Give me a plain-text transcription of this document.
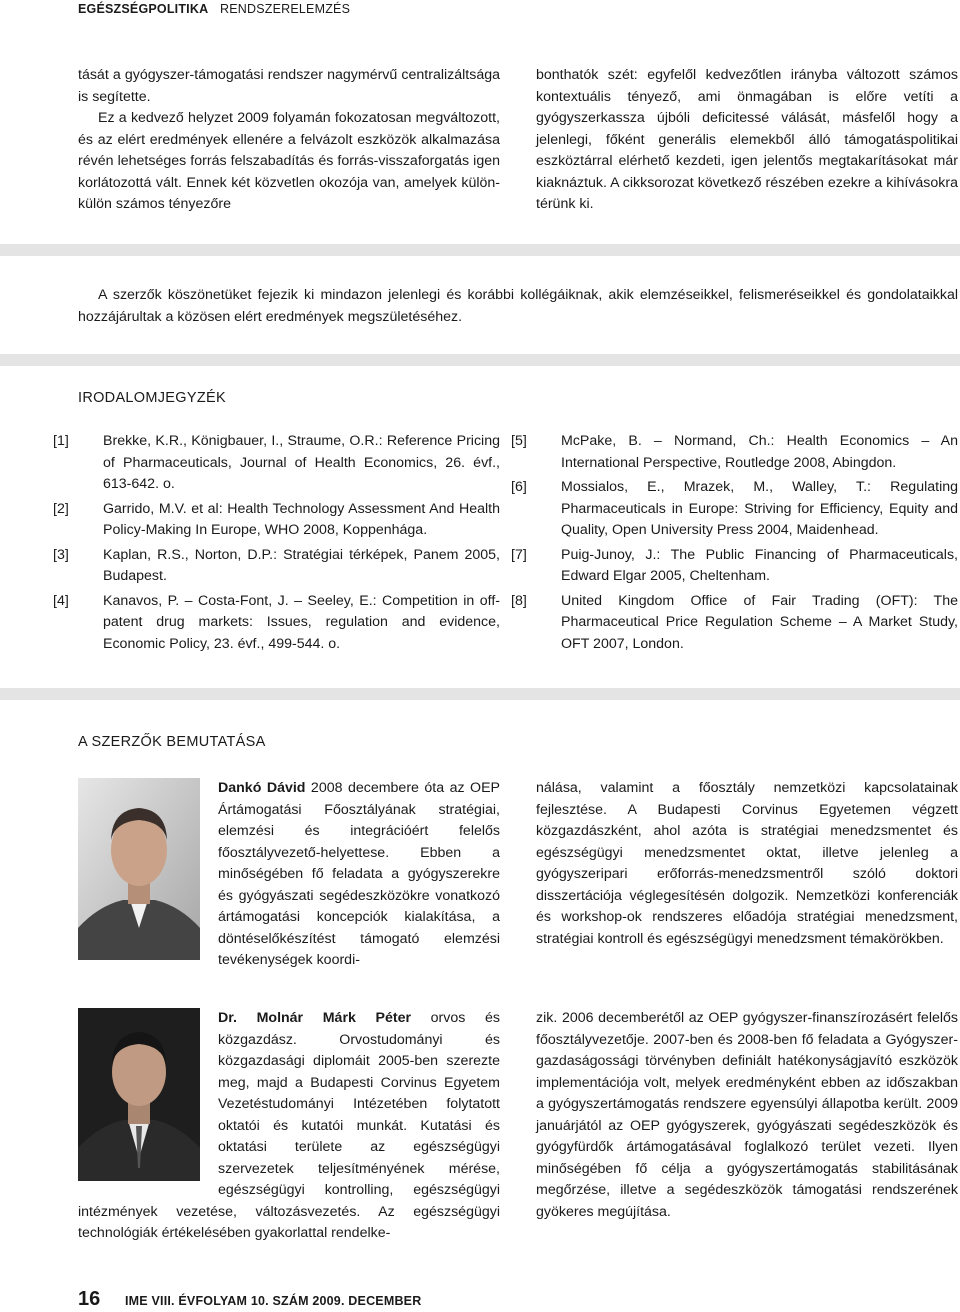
EGÉSZSÉGPOLITIKA RENDSZERELEMZÉS

tását a gyógyszer-támogatási rendszer nagymérvű centralizáltsága is segítette.

Ez a kedvező helyzet 2009 folyamán fokozatosan megváltozott, és az elért eredmények ellenére a felvázolt eszközök alkalmazása révén lehetséges forrás felszabadítás és forrás-visszaforgatás igen korlátozottá vált. Ennek két közvetlen okozója van, amelyek külön-külön számos tényezőre

bonthatók szét: egyfelől kedvezőtlen irányba változott számos kontextuális tényező, ami önmagában is előre vetíti a gyógyszerkassza újbóli deficitessé válását, másfelől hogy a jelenlegi, főként generális elemekből álló támogatáspolitikai eszköztárral elérhető kezdeti, igen jelentős megtakarításokat már kiaknáztuk. A cikksorozat következő részében ezekre a kihívásokra térünk ki.

A szerzők köszönetüket fejezik ki mindazon jelenlegi és korábbi kollégáiknak, akik elemzéseikkel, felismeréseikkel és gondolataikkal hozzájárultak a közösen elért eredmények megszületéséhez.

IRODALOMJEGYZÉK
[1] Brekke, K.R., Königbauer, I., Straume, O.R.: Reference Pricing of Pharmaceuticals, Journal of Health Economics, 26. évf., 613-642. o.
[2] Garrido, M.V. et al: Health Technology Assessment And Health Policy-Making In Europe, WHO 2008, Koppenhága.
[3] Kaplan, R.S., Norton, D.P.: Stratégiai térképek, Panem 2005, Budapest.
[4] Kanavos, P. – Costa-Font, J. – Seeley, E.: Competition in off-patent drug markets: Issues, regulation and evidence, Economic Policy, 23. évf., 499-544. o.
[5] McPake, B. – Normand, Ch.: Health Economics – An International Perspective, Routledge 2008, Abingdon.
[6] Mossialos, E., Mrazek, M., Walley, T.: Regulating Pharmaceuticals in Europe: Striving for Efficiency, Equity and Quality, Open University Press 2004, Maidenhead.
[7] Puig-Junoy, J.: The Public Financing of Pharmaceuticals, Edward Elgar 2005, Cheltenham.
[8] United Kingdom Office of Fair Trading (OFT): The Pharmaceutical Price Regulation Scheme – A Market Study, OFT 2007, London.
A SZERZŐK BEMUTATÁSA

Dankó Dávid 2008 decembere óta az OEP Ártámogatási Főosztályának stratégiai, elemzési és integrációért felelős főosztályvezető-helyettese. Ebben a minőségében fő feladata a gyógyszerekre és gyógyászati segédeszközökre vonatkozó ártámogatási koncepciók kialakítása, a döntéselőkészítést támogató elemzési tevékenységek koordi-

nálása, valamint a főosztály nemzetközi kapcsolatainak fejlesztése. A Budapesti Corvinus Egyetemen végzett közgazdászként, ahol azóta is stratégiai menedzsmentet és egészségügyi menedzsmentet oktat, illetve jelenleg a gyógyszeripari erőforrás-menedzsmentről szóló doktori disszertációja véglegesítésén dolgozik. Nemzetközi konferenciák és workshop-ok rendszeres előadója stratégiai menedzsment, stratégiai kontroll és egészségügyi menedzsment témakörökben.

Dr. Molnár Márk Péter orvos és közgazdász. Orvostudományi és közgazdasági diplomáit 2005-ben szerezte meg, majd a Budapesti Corvinus Egyetem Vezetéstudományi Intézetében folytatott oktatói és kutatói munkát. Kutatási és oktatási területe az egészségügyi szervezetek teljesítményének mérése, egészségügyi kontrolling, egészségügyi intézmények vezetése, változásvezetés. Az egészségügyi technológiák értékelésében gyakorlattal rendelke-

zik. 2006 decemberétől az OEP gyógyszer-finanszírozásért felelős főosztályvezetője. 2007-ben és 2008-ben fő feladata a Gyógyszer-gazdaságossági törvényben definiált hatékonyságjavító eszközök implementációja volt, melyek eredményként ebben az időszakban a gyógyszertámogatás rendszere egyensúlyi állapotba került. 2009 januárjától az OEP gyógyszerek, gyógyászati segédeszközök és gyógyfürdők ártámogatásával foglalkozó terület vezeti. Ilyen minőségében fő célja a gyógyszertámogatás stabilitásának megőrzése, illetve a segédeszközök támogatási rendszerének gyökeres megújítása.

16 IME VIII. ÉVFOLYAM 10. SZÁM 2009. DECEMBER
